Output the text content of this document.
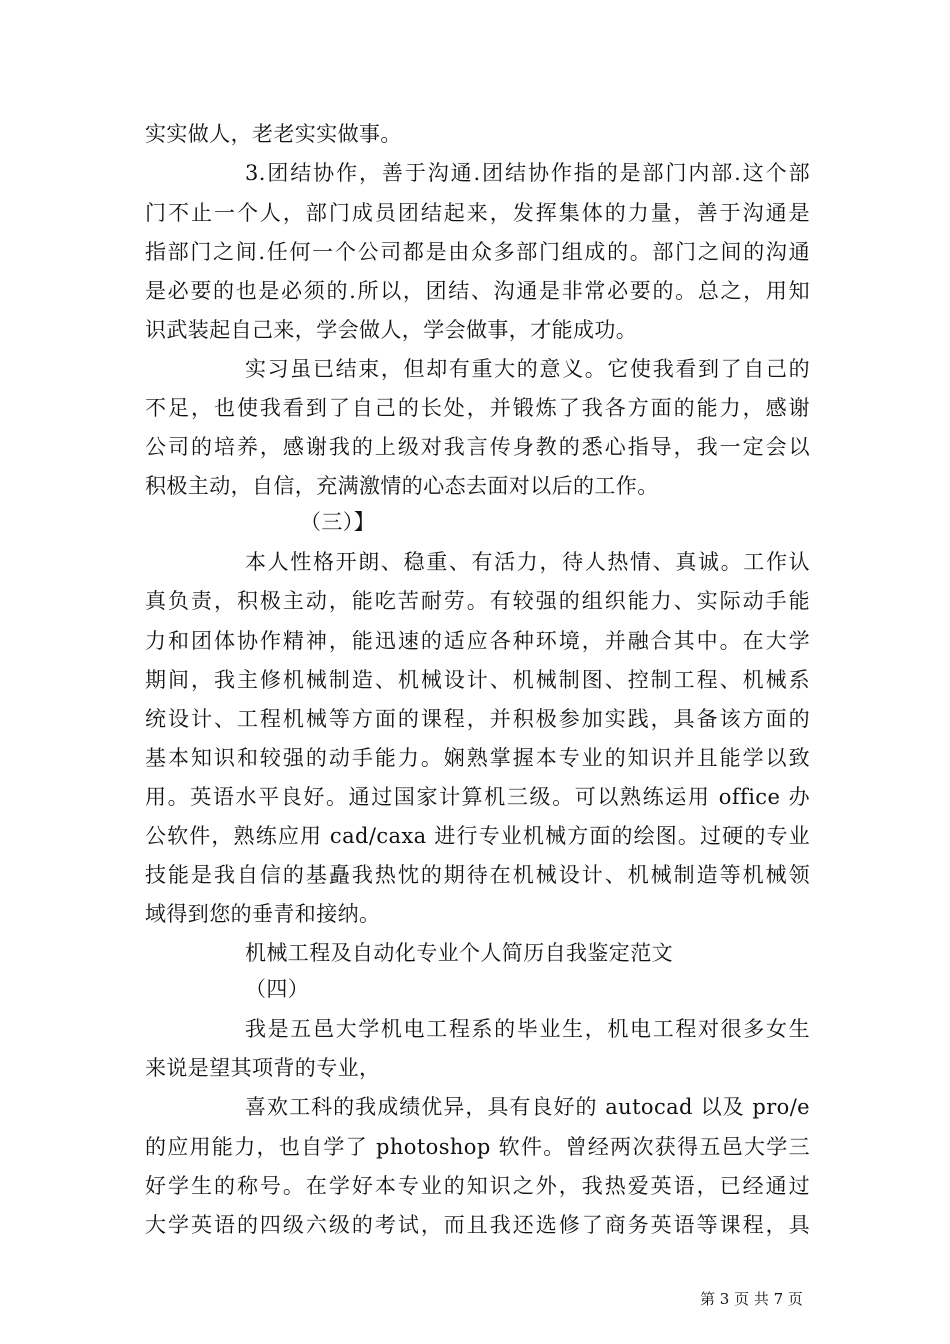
实实做人，老老实实做事。
3.团结协作，善于沟通.团结协作指的是部门内部.这个部
门不止一个人，部门成员团结起来，发挥集体的力量，善于沟通是
指部门之间.任何一个公司都是由众多部门组成的。部门之间的沟通
是必要的也是必须的.所以，团结、沟通是非常必要的。总之，用知
识武装起自己来，学会做人，学会做事，才能成功。
实习虽已结束，但却有重大的意义。它使我看到了自己的
不足，也使我看到了自己的长处，并锻炼了我各方面的能力，感谢
公司的培养，感谢我的上级对我言传身教的悉心指导，我一定会以
积极主动，自信，充满激情的心态去面对以后的工作。
（三）】
本人性格开朗、稳重、有活力，待人热情、真诚。工作认
真负责，积极主动，能吃苦耐劳。有较强的组织能力、实际动手能
力和团体协作精神，能迅速的适应各种环境，并融合其中。在大学
期间，我主修机械制造、机械设计、机械制图、控制工程、机械系
统设计、工程机械等方面的课程，并积极参加实践，具备该方面的
基本知识和较强的动手能力。娴熟掌握本专业的知识并且能学以致
用。英语水平良好。通过国家计算机三级。可以熟练运用 office 办
公软件，熟练应用 cad/caxa 进行专业机械方面的绘图。过硬的专业
技能是我自信的基矗我热忱的期待在机械设计、机械制造等机械领
域得到您的垂青和接纳。
机械工程及自动化专业个人简历自我鉴定范文
（四）
我是五邑大学机电工程系的毕业生，机电工程对很多女生
来说是望其项背的专业，
喜欢工科的我成绩优异，具有良好的 autocad 以及 pro/e
的应用能力，也自学了 photoshop 软件。曾经两次获得五邑大学三
好学生的称号。在学好本专业的知识之外，我热爱英语，已经通过
大学英语的四级六级的考试，而且我还选修了商务英语等课程，具
第 3 页 共 7 页
